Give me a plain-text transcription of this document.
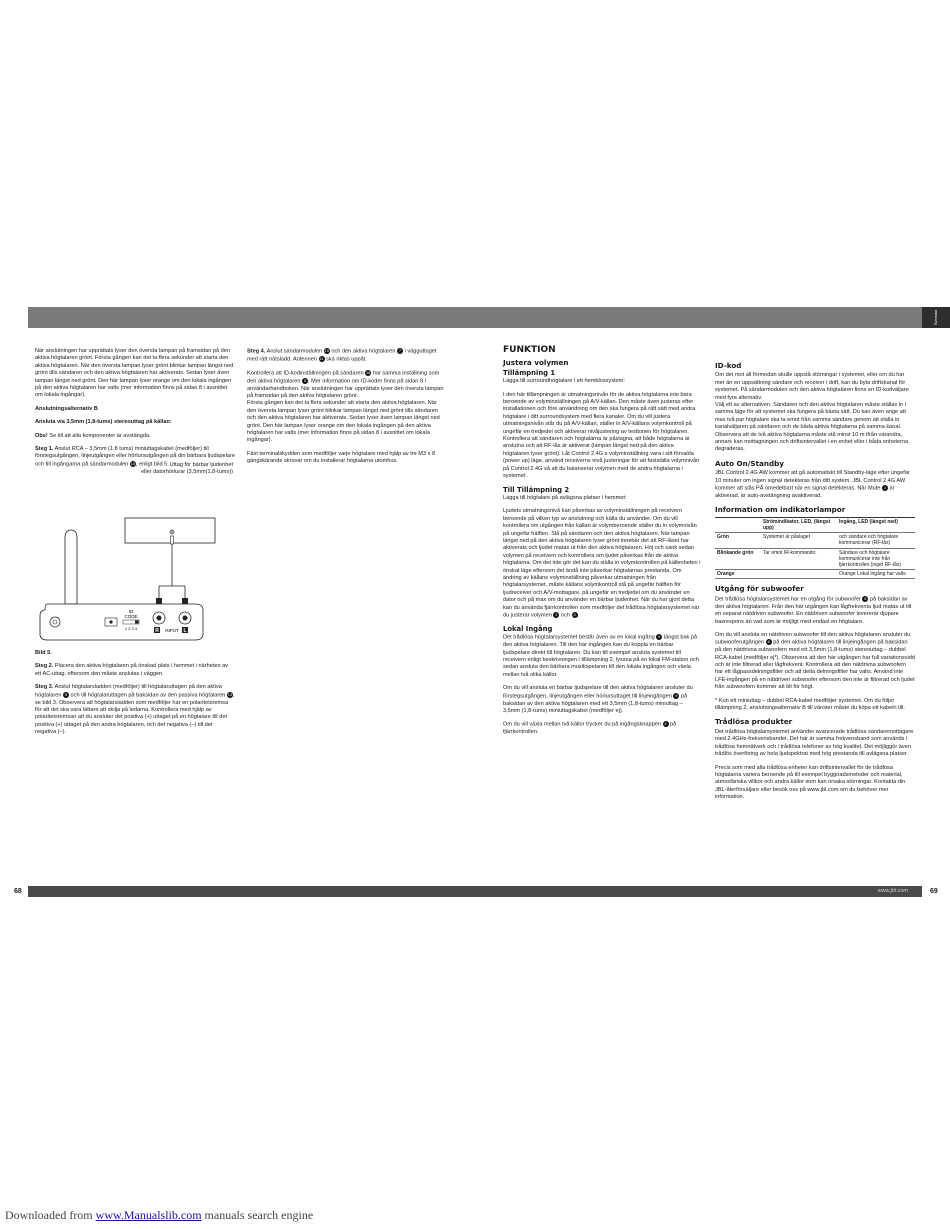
Svenska

När anslutningen har upprättats lyser den översta lampan på framsidan på den aktiva högtalaren grönt. Första gången kan det ta flera sekunder att starta den aktiva högtalaren. När den översta lampan lyser grönt blinkar lampan längst ned grönt tills sändaren och den aktiva högtalaren har aktiverats. Sedan lyser även lampan längst ned grönt. Den här lampan lyser orange om den lokala ingången på den aktiva högtalaren har valts (mer information finns på sidan 8 i avsnittet om lokala ingångar).

Anslutningsalternativ B

Ansluta via 3,5mm (1,8-tums) stereouttag på källan:

Obs! Se till att alla komponenter är avstängda.

Steg 1. Anslut RCA – 3,5mm (1,8 tums) miniuttagskabel (medföljer) till förstegsutgången, linjeutgången eller hörlursutgången på din bärbara ljudspelare och till ingångarna på sändarmodulen 15, enligt bild 5. Uttag för bärbar ljudenhet
eller datorhörlurar (3,5mm(1,8-tums))
ID
CODE
1 2 3 4	R INPUT L

Bild 5.

Steg 2. Placera den aktiva högtalaren på önskad plats i hemmet i närheten av ett AC-uttag, eftersom den måste anslutas i väggen.

Steg 3. Anslut högtalarsladden (medföljer) till högtalaruttagen på den aktiva högtalaren 5 och till högtalaruttagen på baksidan av den passiva högtalaren 13, se bild 3. Observera att högtalarsladden som medföljer har en polaritetsremsa för att det ska vara lättare att skilja på ledarna. Kontrollera med hjälp av polaritetsremsan att du ansluter det positiva (+) uttaget på en högtalare till det positiva (+) uttaget på den andra högtalaren, och det negativa (–) till det negativa (–).

Steg 4. Anslut sändarmodulen 15 och den aktiva högtalaren 7 i vägguttaget med rätt nätsladd. Antennen 11 ska riktas uppåt.

Kontrollera att ID-kodinställningen på sändaren 16 har samma inställning som den aktiva högtalaren 5 . Mer information om ID-koder finns på sidan 8 i användarhandboken. När anslutningen har upprättats lyser den översta lampan på framsidan på den aktiva högtalaren grönt.

Första gången kan det ta flera sekunder att starta den aktiva högtalaren. När den översta lampan lyser grönt blinkar lampan längst ned grönt tills sändaren och den aktiva högtalaren har aktiverats. Sedan lyser även lampan längst ned grönt. Den här lampan lyser orange om den lokala ingången på den aktiva högtalaren har valts (mer information finns på sidan 8 i avsnittet om lokala ingångar).

Fäst terminalskydden som medföljer varje högtalare med hjälp av tre M3 x 8 gängskärande skruvar om du installerar högtalarna utomhus.

FUNKTION
Justera volymen
Tillämpning 1

Lägga till surroundhögtalare i ett hemblossystem:

I den här tillämpningen är utmatningsnivån för de aktiva högtalarna inte bara beroende av volyminställningen på A/V-källan. Den måste även justeras efter installationen och före användning om den ska fungera på rätt sätt med andra högtalare i ditt surroundsystem med flera kanaler. Om du vill justera utmatningsnivån står du på A/V-källan, ställer in A/V-källans volymkontroll på ungefär en tredjedel och aktiverar nivåjustering av testtonen för högtalaren. Kontrollera att sändaren och högtalarna är påslagna, att både högtalarna är anslutna och att RF-lås är aktiverat (lampan längst ned på den aktiva högtalaren lyser grönt). Låt Control 2.4G s volyminställning vara i sitt förvalda (power up) läge, använd receiverns nivå justeringar för att fastställa volymnivån på Control 2.4G så att du balanserar volymen med de andra högtalarna i systemet .

Till Tillämpning 2

Lägga till högtalare på avlägsna platser i hemmet:

Ljudets utmatningsnivå kan påverkas av volyminställningen på receivern beroende på vilken typ av anslutning och källa du använder. Om du vill kontrollera om utgången från källan är volymberoende ställer du in volymnivån på ungefär hälften. Slå på sändaren och den aktiva högtalaren. När lampan längst ned på den aktiva högtalaren lyser grönt innebär det att RF-låset har aktiverats och ljudet matas ut från den aktiva högtalaren. Höj och sänk sedan volymen på receivern och kontrollera om ljudet påverkas från de aktiva högtalarna. Om det inte gör det kan du ställa in volymkontrollen på källenheten i önskat läge eftersom det ändå inte påverkar högtalarnas prestanda. Om ändring av källans volyminställning påverkar utmatningen från högtalarsystemet, måste källans volymkontroll stå på ungefär hälften för ljudreceiver och A/V-mottagare, på ungefär en tredjedel om du använder en dator och på max om du använder en bärbar ljudenhet. När du har gjort detta kan du använda fjärrkontrollen som medföljer det trådlösa högtalarsystemet när du justerar volymen 2 och 3 .

Lokal Ingång

Det trådlösa högtalarsystemet består även av en lokal ingång 9 längst bak på den aktiva högtalaren. Till den här ingången kan du koppla en bärbar ljudspelare direkt till högtalaren. Du kan till exempel ansluta systemet till receivern enligt beskrivningen i tillämpning 2, lyssna på en lokal FM-station och sedan ansluta den bärbara musikspelaren till den lokala ingången och växla mellan två olika källor.

Om du vill ansluta en bärbar ljudspelare till den aktiva högtalaren ansluter du förstegsutgången, linjeutgången eller hörlursuttaget till linjeingången 9 på baksidan av den aktiva högtalaren med ett 3,5mm (1,8-tums) miniuttag – 3,5mm (1,8-tums) miniuttagskabel (medföljer ej).

Om du vill växla mellan två källor trycker du på ingångsknappen 4 på fjärrkontrollen.

ID-kod

Om det mot all förmodan skulle uppstå störningar i systemet, eller om du har mer än en uppsättning sändare och receiver i drift, kan du byta driftskanal för systemet. På sändarmodulen och den aktiva högtalaren finns en ID-kodväljare med fyra alternativ.

Välj ett av alternativen. Sändaren och den aktiva högtalaren måste ställas in i samma läge för att systemet ska fungera på bästa sätt. Du kan även ange att max två par högtalare ska ta emot från samma sändare genom att ställa in kanalväljaren på sändaren och de båda aktiva högtalarna på samma kanal. Observera att de två aktiva högtalarna måste stå minst 10 m ifrån varandra, annars kan mottagningen och driftsintervallet i en enhet eller i båda enheterna degraderas.

Auto On/Standby

JBL Control 2.4G AW kommer att gå automatiskt till Standby-läge efter ungefär 10 minuter om ingen signal detekteras från ditt system. JBL Control 2.4G AW kommer att slås PÅ omedelbart när en signal detekteras. När Mute 1 är aktiverad, är auto-avstängning avaktiverad.

Information om indikatorlampor
	Strömindikator, LED, (längst upp)	Ingång, LED (längst ned)
Grön	Systemet är påslaget	och sändare och högtalare kommunicerar (RF-lås)
Blinkande grön	Tar emot IR-kommando.	Sändare och högtalare kommunicerar inte från fjärrkontrollen (inget RF-lås)
Orange		Orange Lokal ingång har valts
Utgång för subwoofer

Det trådlösa högtalarsystemet har en utgång för subwoofer 8 på baksidan av den aktiva högtalaren. Från den här utgången kan lågfrekventa ljud matas ut till en separat nätdriven subwoofer. En nätdriven subwoofer levererar djupare basrespons än vad som är möjligt med endast en högtalare.

Om du vill ansluta en nätdriven subwoofer till den aktiva högtalaren ansluter du subwooferutgången 8 på den aktiva högtalaren till linjeingången på baksidan på den nätdrivna subwoofern med ett 3,5mm (1,8-tums) stereouttag – dubbel RCA-kabel (medföljer ej*). Observera att den här utgången har full variationsvidd och är inte filtrerad eller lågfrekvent. Kontrollera att den nätdrivna subwoofern har ett lågpassdelningsfilter och att delta delningsfilter har valts. Använd inte LFE-ingången på en nätdriven subwoofer eftersom den inte är filtrerad och ljudet från subwoofern kommer att bli för högt.

* Kun ett miniuttag – dubbel RCA-kabel medföljer systemet. Om du följer tillämpning 2, anslutningsalternativ B till vänster måste du köpa ett kabeln till.

Trådlösa produkter

Det trådlösa högtalarsystemet använder avancerade trådlösa sändaremottagare med 2.4GHz-frekvensbandet. Det här är samma frekvensband som används i trådlösa hemnätverk och i trådlösa telefoner av hög kvalitet. Det möjliggör även trådlös överföring av hela ljudspektrat med hög prestanda till avlägsna platser.

Precis som med alla trådlösa enheter kan driftsintervallet för de trådlösa högtalarna variera beroende på till exempel byggnadsmetoder och material, atmosfäriska villkor och andra källor som kan orsaka störningar. Kontakta din JBL-återförsäljare eller besök oss på www.jbl.com om du behöver mer information.

68	69
www.jbl.com
Downloaded from www.Manualslib.com manuals search engine
